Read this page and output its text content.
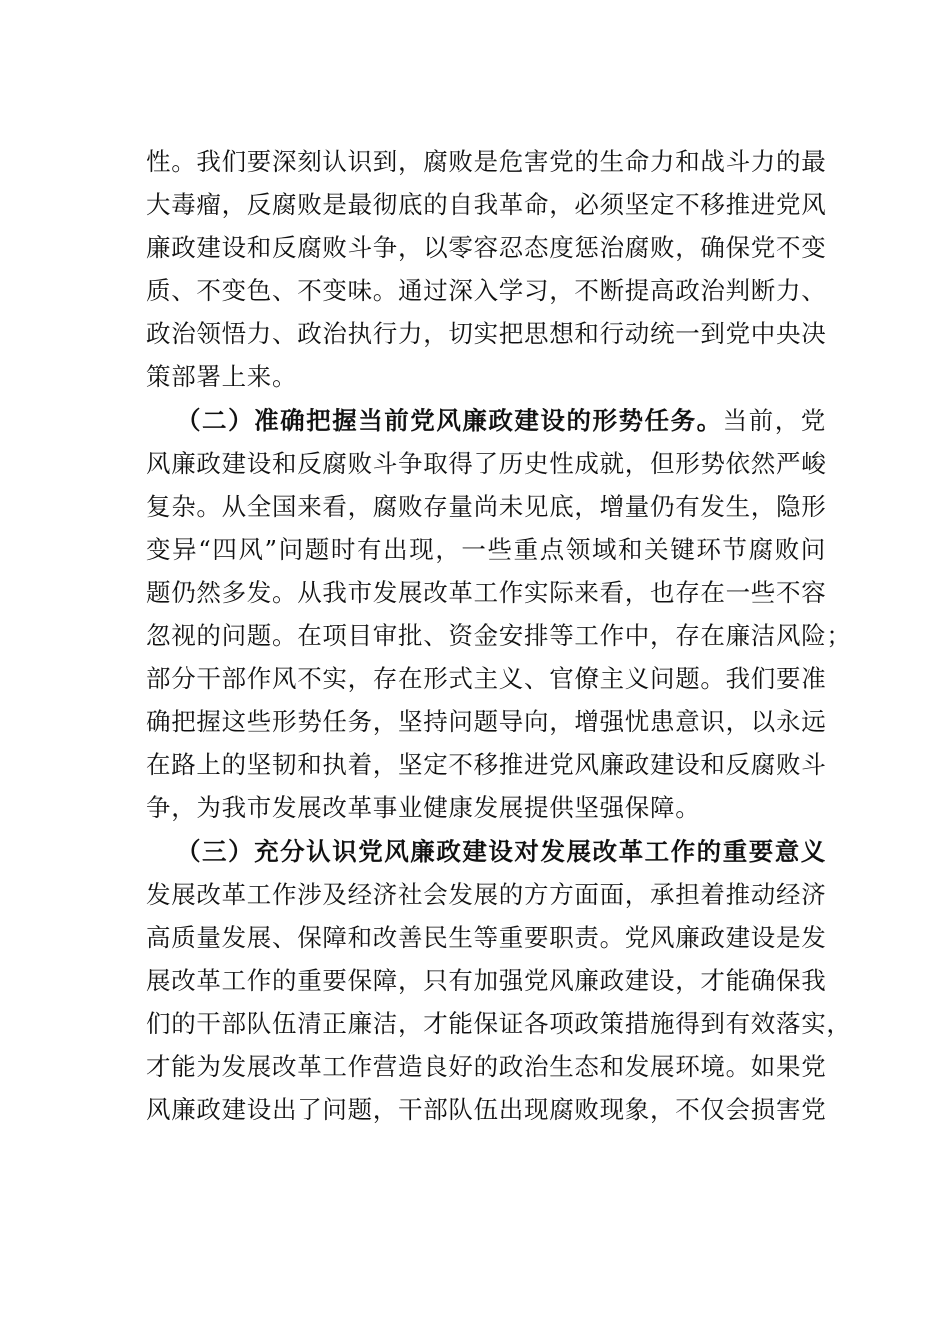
性。我们要深刻认识到，腐败是危害党的生命力和战斗力的最
大毒瘤，反腐败是最彻底的自我革命，必须坚定不移推进党风
廉政建设和反腐败斗争，以零容忍态度惩治腐败，确保党不变
质、不变色、不变味。通过深入学习，不断提高政治判断力、
政治领悟力、政治执行力，切实把思想和行动统一到党中央决
策部署上来。
（二）准确把握当前党风廉政建设的形势任务。当前，党
风廉政建设和反腐败斗争取得了历史性成就，但形势依然严峻
复杂。从全国来看，腐败存量尚未见底，增量仍有发生，隐形
变异“四风”问题时有出现，一些重点领域和关键环节腐败问
题仍然多发。从我市发展改革工作实际来看，也存在一些不容
忽视的问题。在项目审批、资金安排等工作中，存在廉洁风险；
部分干部作风不实，存在形式主义、官僚主义问题。我们要准
确把握这些形势任务，坚持问题导向，增强忧患意识，以永远
在路上的坚韧和执着，坚定不移推进党风廉政建设和反腐败斗
争，为我市发展改革事业健康发展提供坚强保障。
（三）充分认识党风廉政建设对发展改革工作的重要意义
发展改革工作涉及经济社会发展的方方面面，承担着推动经济
高质量发展、保障和改善民生等重要职责。党风廉政建设是发
展改革工作的重要保障，只有加强党风廉政建设，才能确保我
们的干部队伍清正廉洁，才能保证各项政策措施得到有效落实，
才能为发展改革工作营造良好的政治生态和发展环境。如果党
风廉政建设出了问题，干部队伍出现腐败现象，不仅会损害党
